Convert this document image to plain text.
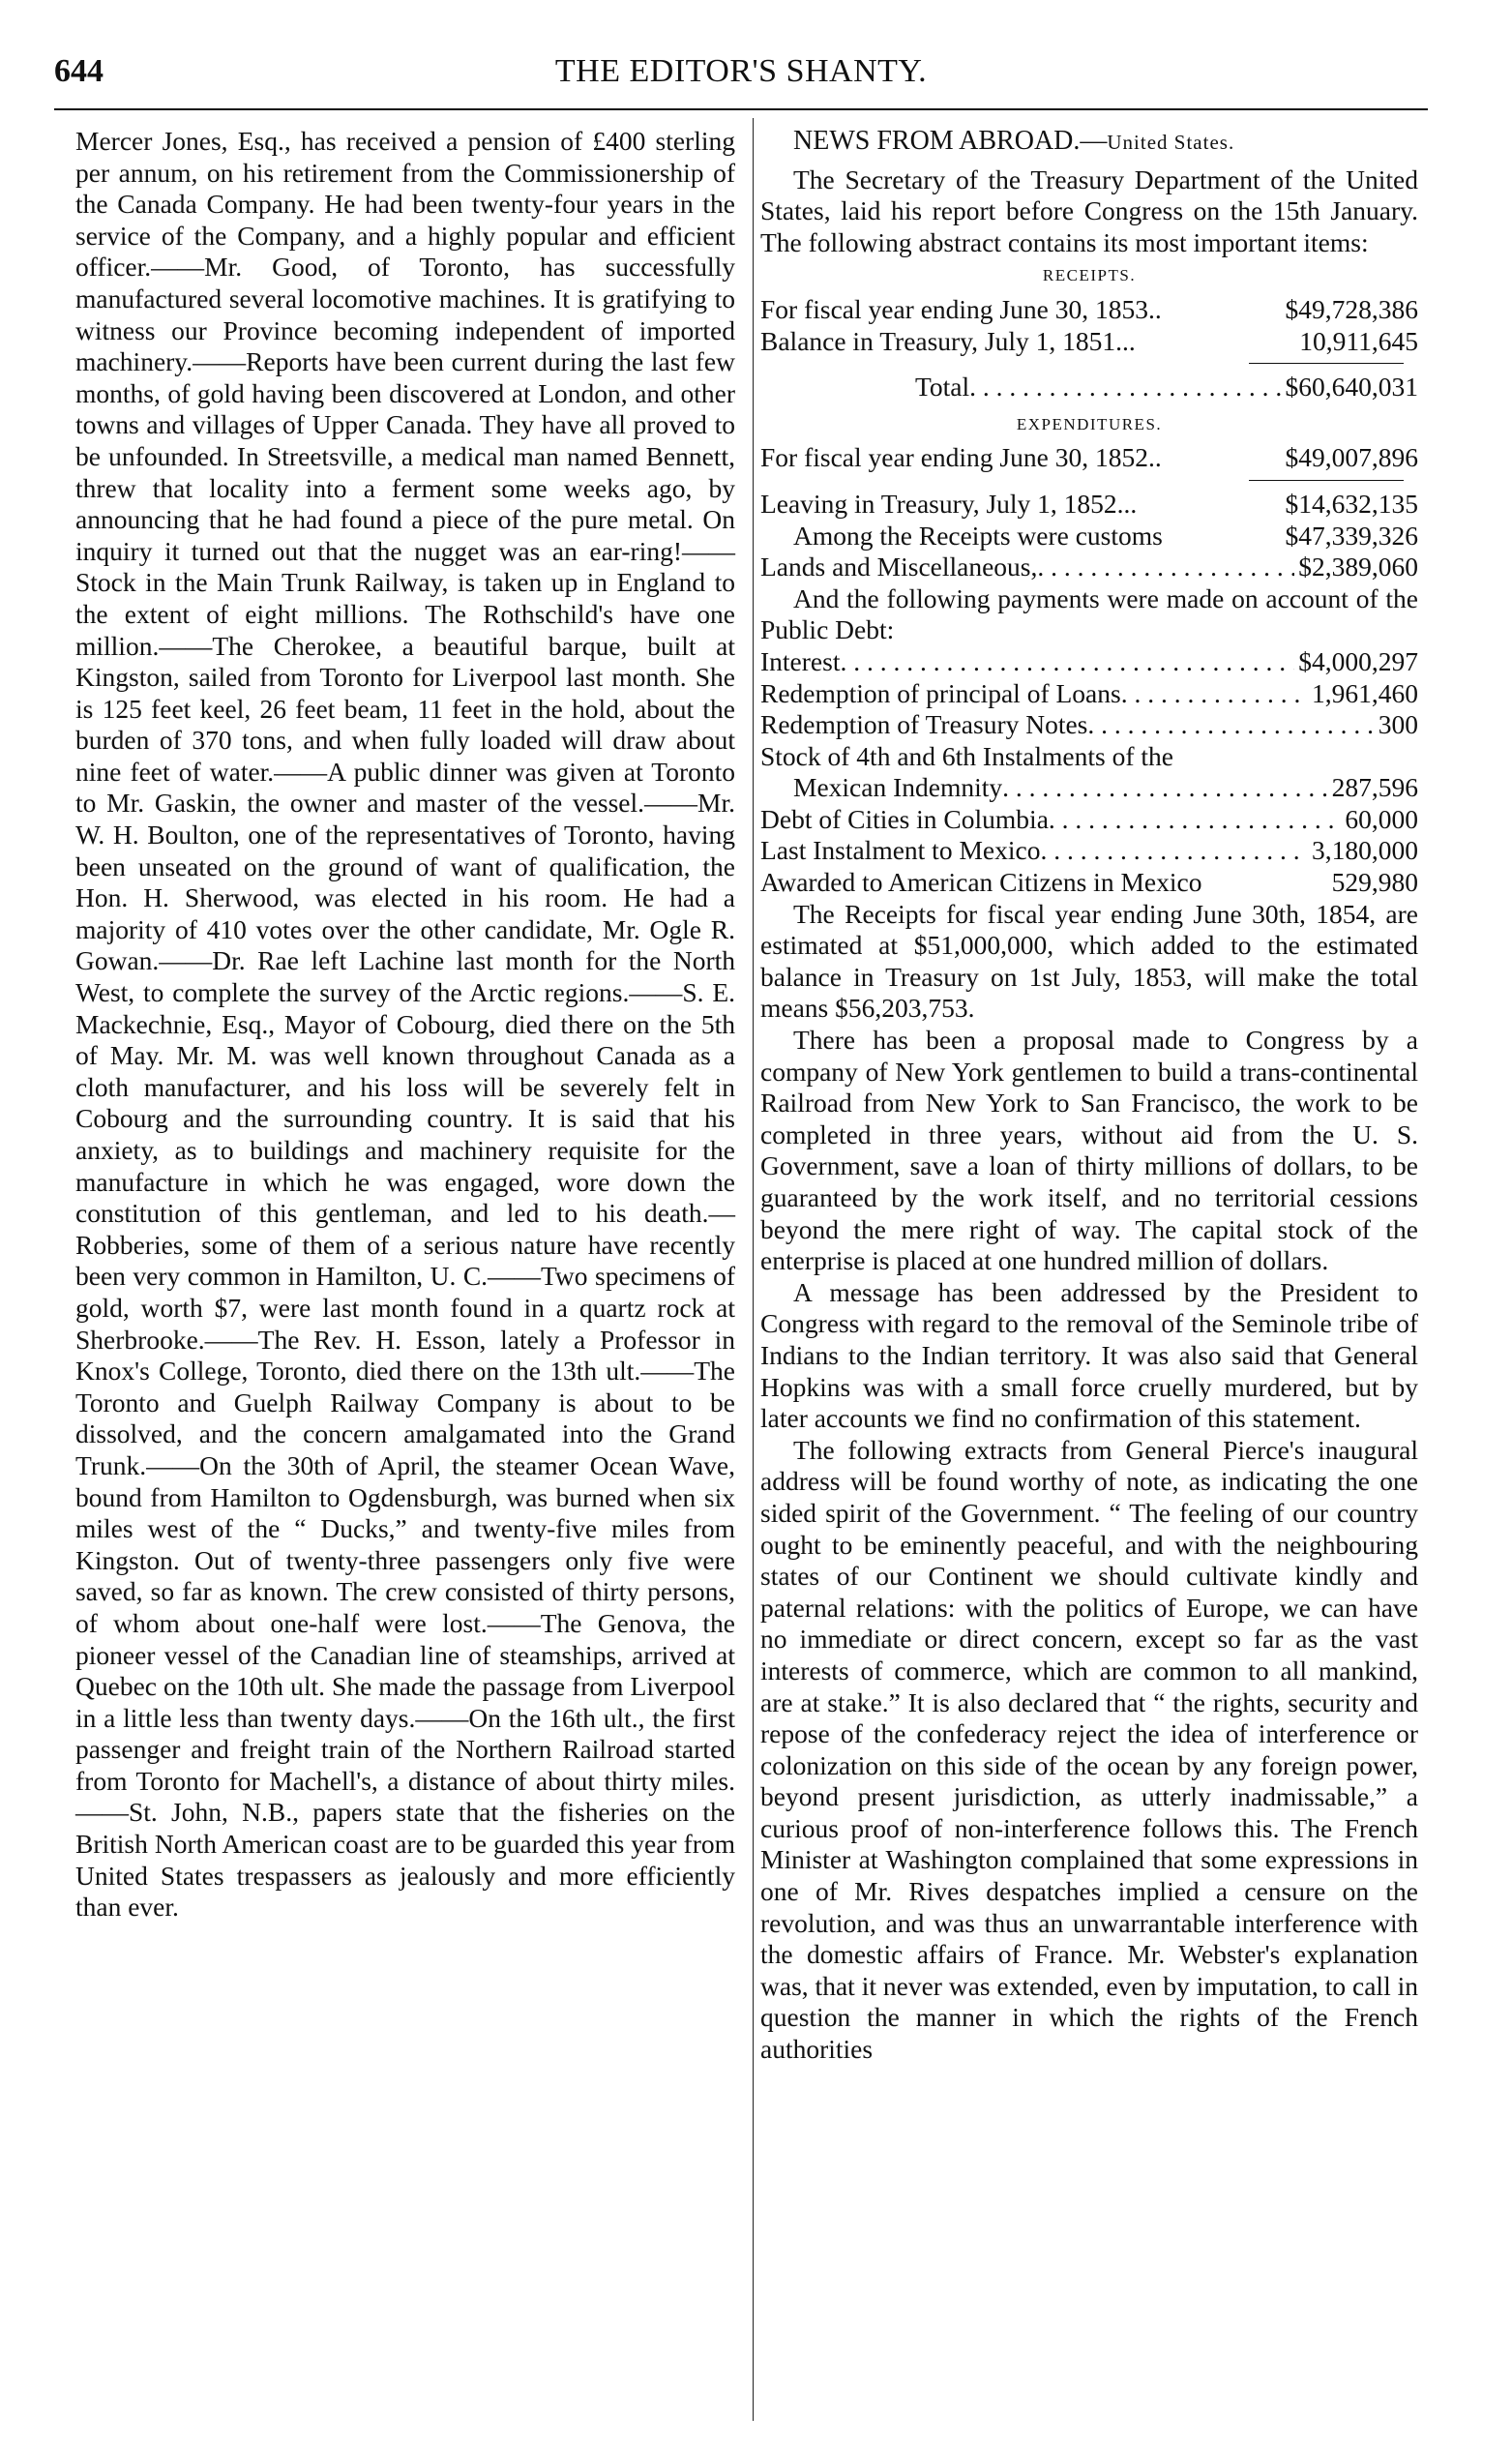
644	THE EDITOR'S SHANTY.

Mercer Jones, Esq., has received a pension of £400 sterling per annum, on his retirement from the Commissionership of the Canada Company. He had been twenty-four years in the service of the Company, and a highly popular and efficient officer.——Mr. Good, of Toronto, has successfully manufactured several locomotive machines. It is gratifying to witness our Province becoming independent of imported machinery.——Reports have been current during the last few months, of gold having been discovered at London, and other towns and villages of Upper Canada. They have all proved to be unfounded. In Streetsville, a medical man named Bennett, threw that locality into a ferment some weeks ago, by announcing that he had found a piece of the pure metal. On inquiry it turned out that the nugget was an ear-ring!——Stock in the Main Trunk Railway, is taken up in England to the extent of eight millions. The Rothschild's have one million.——The Cherokee, a beautiful barque, built at Kingston, sailed from Toronto for Liverpool last month. She is 125 feet keel, 26 feet beam, 11 feet in the hold, about the burden of 370 tons, and when fully loaded will draw about nine feet of water.——A public dinner was given at Toronto to Mr. Gaskin, the owner and master of the vessel.——Mr. W. H. Boulton, one of the representatives of Toronto, having been unseated on the ground of want of qualification, the Hon. H. Sherwood, was elected in his room. He had a majority of 410 votes over the other candidate, Mr. Ogle R. Gowan.——Dr. Rae left Lachine last month for the North West, to complete the survey of the Arctic regions.——S. E. Mackechnie, Esq., Mayor of Cobourg, died there on the 5th of May. Mr. M. was well known throughout Canada as a cloth manufacturer, and his loss will be severely felt in Cobourg and the surrounding country. It is said that his anxiety, as to buildings and machinery requisite for the manufacture in which he was engaged, wore down the constitution of this gentleman, and led to his death.—Robberies, some of them of a serious nature have recently been very common in Hamilton, U. C.——Two specimens of gold, worth $7, were last month found in a quartz rock at Sherbrooke.——The Rev. H. Esson, lately a Professor in Knox's College, Toronto, died there on the 13th ult.——The Toronto and Guelph Railway Company is about to be dissolved, and the concern amalgamated into the Grand Trunk.——On the 30th of April, the steamer Ocean Wave, bound from Hamilton to Ogdensburgh, was burned when six miles west of the “ Ducks,” and twenty-five miles from Kingston. Out of twenty-three passengers only five were saved, so far as known. The crew consisted of thirty persons, of whom about one-half were lost.——The Genova, the pioneer vessel of the Canadian line of steamships, arrived at Quebec on the 10th ult. She made the passage from Liverpool in a little less than twenty days.——On the 16th ult., the first passenger and freight train of the Northern Railroad started from Toronto for Machell's, a distance of about thirty miles.——St. John, N.B., papers state that the fisheries on the British North American coast are to be guarded this year from United States trespassers as jealously and more efficiently than ever.

NEWS FROM ABROAD.—United States.

The Secretary of the Treasury Department of the United States, laid his report before Congress on the 15th January. The following abstract contains its most important items:

RECEIPTS.

For fiscal year ending June 30, 1853..	$49,728,386
Balance in Treasury, July 1, 1851...	10,911,645
Total . . .	$60,640,031

EXPENDITURES.

For fiscal year ending June 30, 1852..	$49,007,896
Leaving in Treasury, July 1, 1852...	$14,632,135
Among the Receipts were customs	$47,339,326
Lands and Miscellaneous, . . .	$2,389,060

And the following payments were made on account of the Public Debt:

Interest . . .	$4,000,297
Redemption of principal of Loans . . .	1,961,460
Redemption of Treasury Notes . . .	300
Stock of 4th and 6th Instalments of the
Mexican Indemnity . . .	287,596
Debt of Cities in Columbia . . .	60,000
Last Instalment to Mexico . . .	3,180,000
Awarded to American Citizens in Mexico	529,980

The Receipts for fiscal year ending June 30th, 1854, are estimated at $51,000,000, which added to the estimated balance in Treasury on 1st July, 1853, will make the total means $56,203,753.

There has been a proposal made to Congress by a company of New York gentlemen to build a trans-continental Railroad from New York to San Francisco, the work to be completed in three years, without aid from the U. S. Government, save a loan of thirty millions of dollars, to be guaranteed by the work itself, and no territorial cessions beyond the mere right of way. The capital stock of the enterprise is placed at one hundred million of dollars.

A message has been addressed by the President to Congress with regard to the removal of the Seminole tribe of Indians to the Indian territory. It was also said that General Hopkins was with a small force cruelly murdered, but by later accounts we find no confirmation of this statement.

The following extracts from General Pierce's inaugural address will be found worthy of note, as indicating the one sided spirit of the Government. “ The feeling of our country ought to be eminently peaceful, and with the neighbouring states of our Continent we should cultivate kindly and paternal relations: with the politics of Europe, we can have no immediate or direct concern, except so far as the vast interests of commerce, which are common to all mankind, are at stake.” It is also declared that “ the rights, security and repose of the confederacy reject the idea of interference or colonization on this side of the ocean by any foreign power, beyond present jurisdiction, as utterly inadmissable,” a curious proof of non-interference follows this. The French Minister at Washington complained that some expressions in one of Mr. Rives despatches implied a censure on the revolution, and was thus an unwarrantable interference with the domestic affairs of France. Mr. Webster's explanation was, that it never was extended, even by imputation, to call in question the manner in which the rights of the French authorities
